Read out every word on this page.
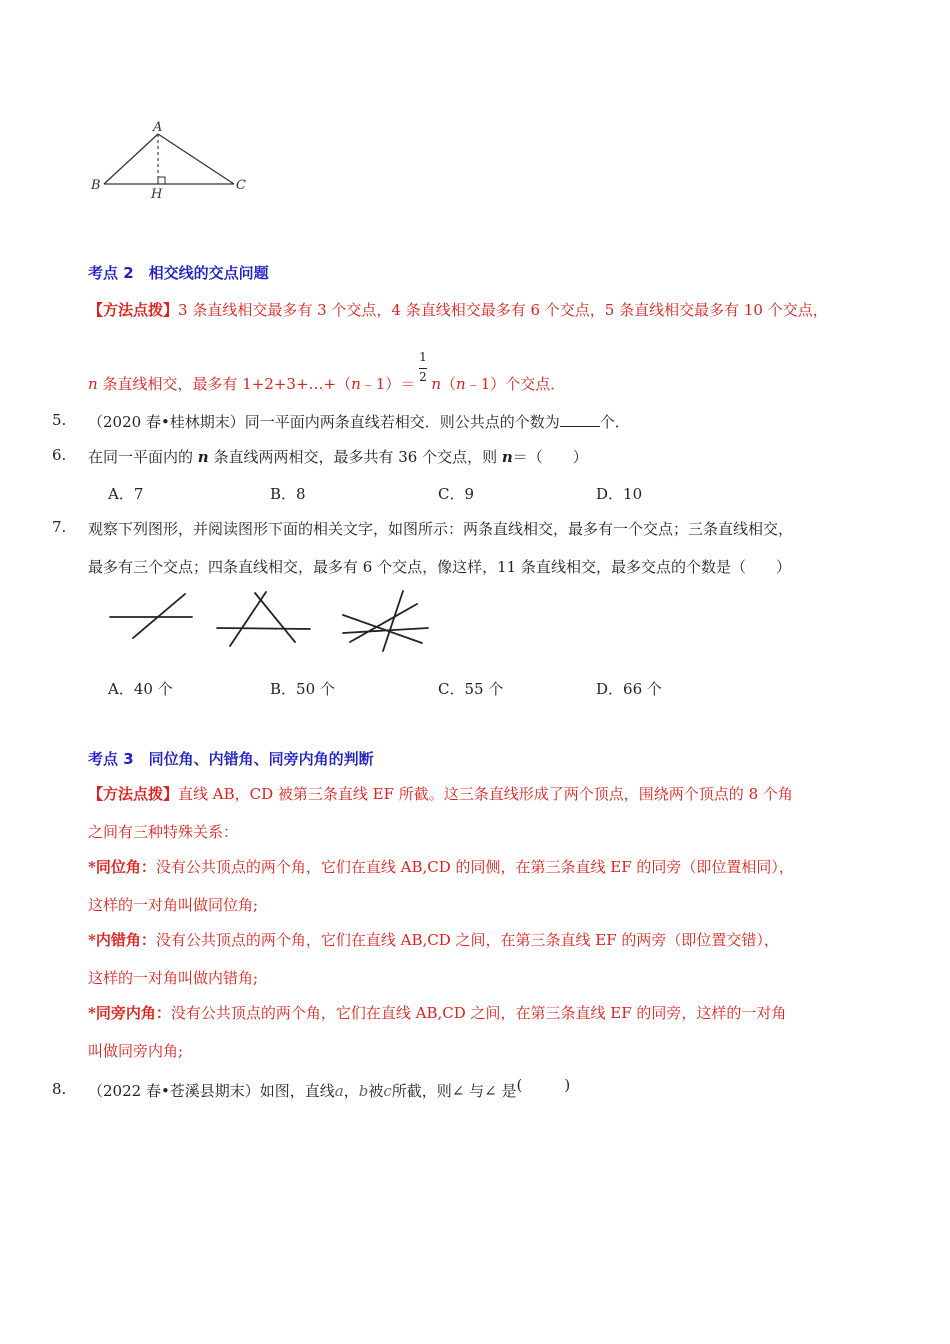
A
B
H
C
考点 2　相交线的交点问题
【方法点拨】3 条直线相交最多有 3 个交点，4 条直线相交最多有 6 个交点，5 条直线相交最多有 10 个交点，
1
2
n 条直线相交，最多有 1+2+3+…+（n﹣1）＝ n（n﹣1）个交点．
5. （2020 春•桂林期末）同一平面内两条直线若相交．则公共点的个数为	个．
6. 在同一平面内的 n 条直线两两相交，最多共有 36 个交点，则 n＝（　　）
A．7	B．8	C．9	D．10
7. 观察下列图形，并阅读图形下面的相关文字，如图所示：两条直线相交，最多有一个交点；三条直线相交，
最多有三个交点；四条直线相交，最多有 6 个交点，像这样，11 条直线相交，最多交点的个数是（　　）
A．40 个	B．50 个	C．55 个	D．66 个
考点 3　同位角、内错角、同旁内角的判断
【方法点拨】直线 AB，CD 被第三条直线 EF 所截。这三条直线形成了两个顶点，围绕两个顶点的 8 个角
之间有三种特殊关系：
*同位角：没有公共顶点的两个角，它们在直线 AB,CD 的同侧，在第三条直线 EF 的同旁（即位置相同），
这样的一对角叫做同位角;
*内错角：没有公共顶点的两个角，它们在直线 AB,CD 之间，在第三条直线 EF 的两旁（即位置交错），
这样的一对角叫做内错角;
*同旁内角：没有公共顶点的两个角，它们在直线 AB,CD 之间，在第三条直线 EF 的同旁，这样的一对角
叫做同旁内角;
8. （2022 春•苍溪县期末）如图，直线a，b被c所截，则∠ 与∠ 是(	)
